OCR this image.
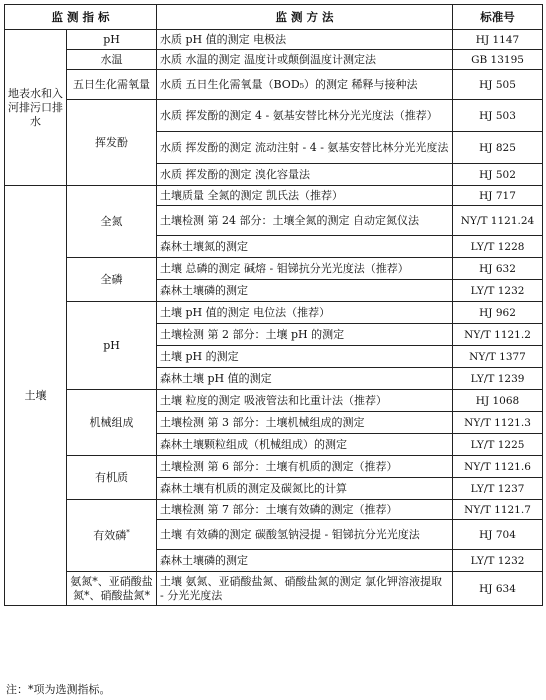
监 测 指 标		监 测 方 法	标准号
地表水和入河排污口排水	pH	水质 pH 值的测定 电极法	HJ 1147
	水温	水质 水温的测定 温度计或颠倒温度计测定法	GB 13195
	五日生化需氧量	水质 五日生化需氧量（BOD₅）的测定 稀释与接种法	HJ 505
	挥发酚	水质 挥发酚的测定 4 - 氨基安替比林分光光度法（推荐）	HJ 503
		水质 挥发酚的测定 流动注射 - 4 - 氨基安替比林分光光度法	HJ 825
		水质 挥发酚的测定 溴化容量法	HJ 502
土壤	全氮	土壤质量 全氮的测定 凯氏法（推荐）	HJ 717
		土壤检测 第 24 部分：土壤全氮的测定 自动定氮仪法	NY/T 1121.24
		森林土壤氮的测定	LY/T 1228
	全磷	土壤 总磷的测定 碱熔 - 钼锑抗分光光度法（推荐）	HJ 632
		森林土壤磷的测定	LY/T 1232
	pH	土壤 pH 值的测定 电位法（推荐）	HJ 962
		土壤检测 第 2 部分：土壤 pH 的测定	NY/T 1121.2
		土壤 pH 的测定	NY/T 1377
		森林土壤 pH 值的测定	LY/T 1239
	机械组成	土壤 粒度的测定 吸液管法和比重计法（推荐）	HJ 1068
		土壤检测 第 3 部分：土壤机械组成的测定	NY/T 1121.3
		森林土壤颗粒组成（机械组成）的测定	LY/T 1225
	有机质	土壤检测 第 6 部分：土壤有机质的测定（推荐）	NY/T 1121.6
		森林土壤有机质的测定及碳氮比的计算	LY/T 1237
	有效磷*	土壤检测 第 7 部分：土壤有效磷的测定（推荐）	NY/T 1121.7
		土壤 有效磷的测定 碳酸氢钠浸提 - 钼锑抗分光光度法	HJ 704
		森林土壤磷的测定	LY/T 1232
	氨氮*、亚硝酸盐氮*、硝酸盐氮*	土壤 氨氮、亚硝酸盐氮、硝酸盐氮的测定 氯化钾溶液提取 - 分光光度法	HJ 634
注：*项为选测指标。
